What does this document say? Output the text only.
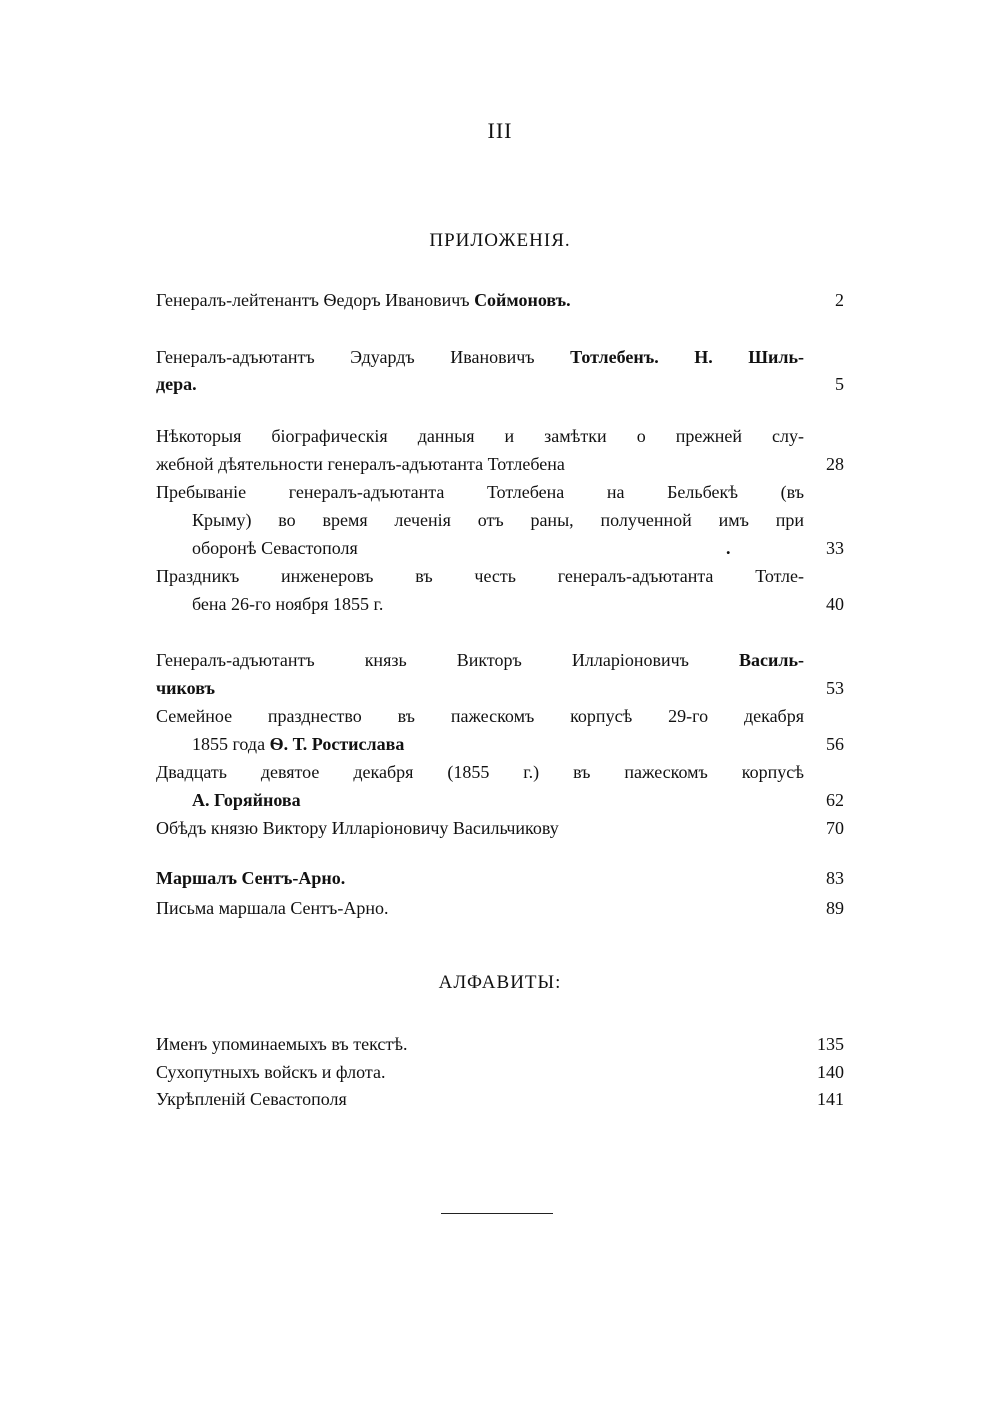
III
ПРИЛОЖЕНІЯ.
Генералъ-лейтенантъ Ѳедоръ Ивановичъ Соймоновъ.	2
Генералъ-адъютантъ Эдуардъ Ивановичъ Тотлебенъ. Н. Шиль-
дера.	5
Нѣкоторыя біографическія данныя и замѣтки о прежней слу-
жебной дѣятельности генералъ-адъютанта Тотлебена	28
Пребываніе генералъ-адъютанта Тотлебена на Бельбекѣ (въ
Крыму) во время леченія отъ раны, полученной имъ при
оборонѣ Севастополя	.	33
Праздникъ инженеровъ въ честь генералъ-адъютанта Тотле-
бена 26-го ноября 1855 г.	40
Генералъ-адъютантъ князь Викторъ Илларіоновичъ	Василь-
чиковъ	53
Семейное празднество въ пажескомъ корпусѣ 29-го декабря
1855 года Ѳ. Т. Ростислава	56
Двадцать девятое декабря (1855 г.) въ пажескомъ корпусѣ
А. Горяйнова	62
Обѣдъ князю Виктору Илларіоновичу Васильчикову	70
Маршалъ Сентъ-Арно.	83
Письма маршала Сентъ-Арно.	89
АЛФАВИТЫ:
Именъ упоминаемыхъ въ текстѣ.	135
Сухопутныхъ войскъ и флота.	140
Укрѣпленій Севастополя	141
